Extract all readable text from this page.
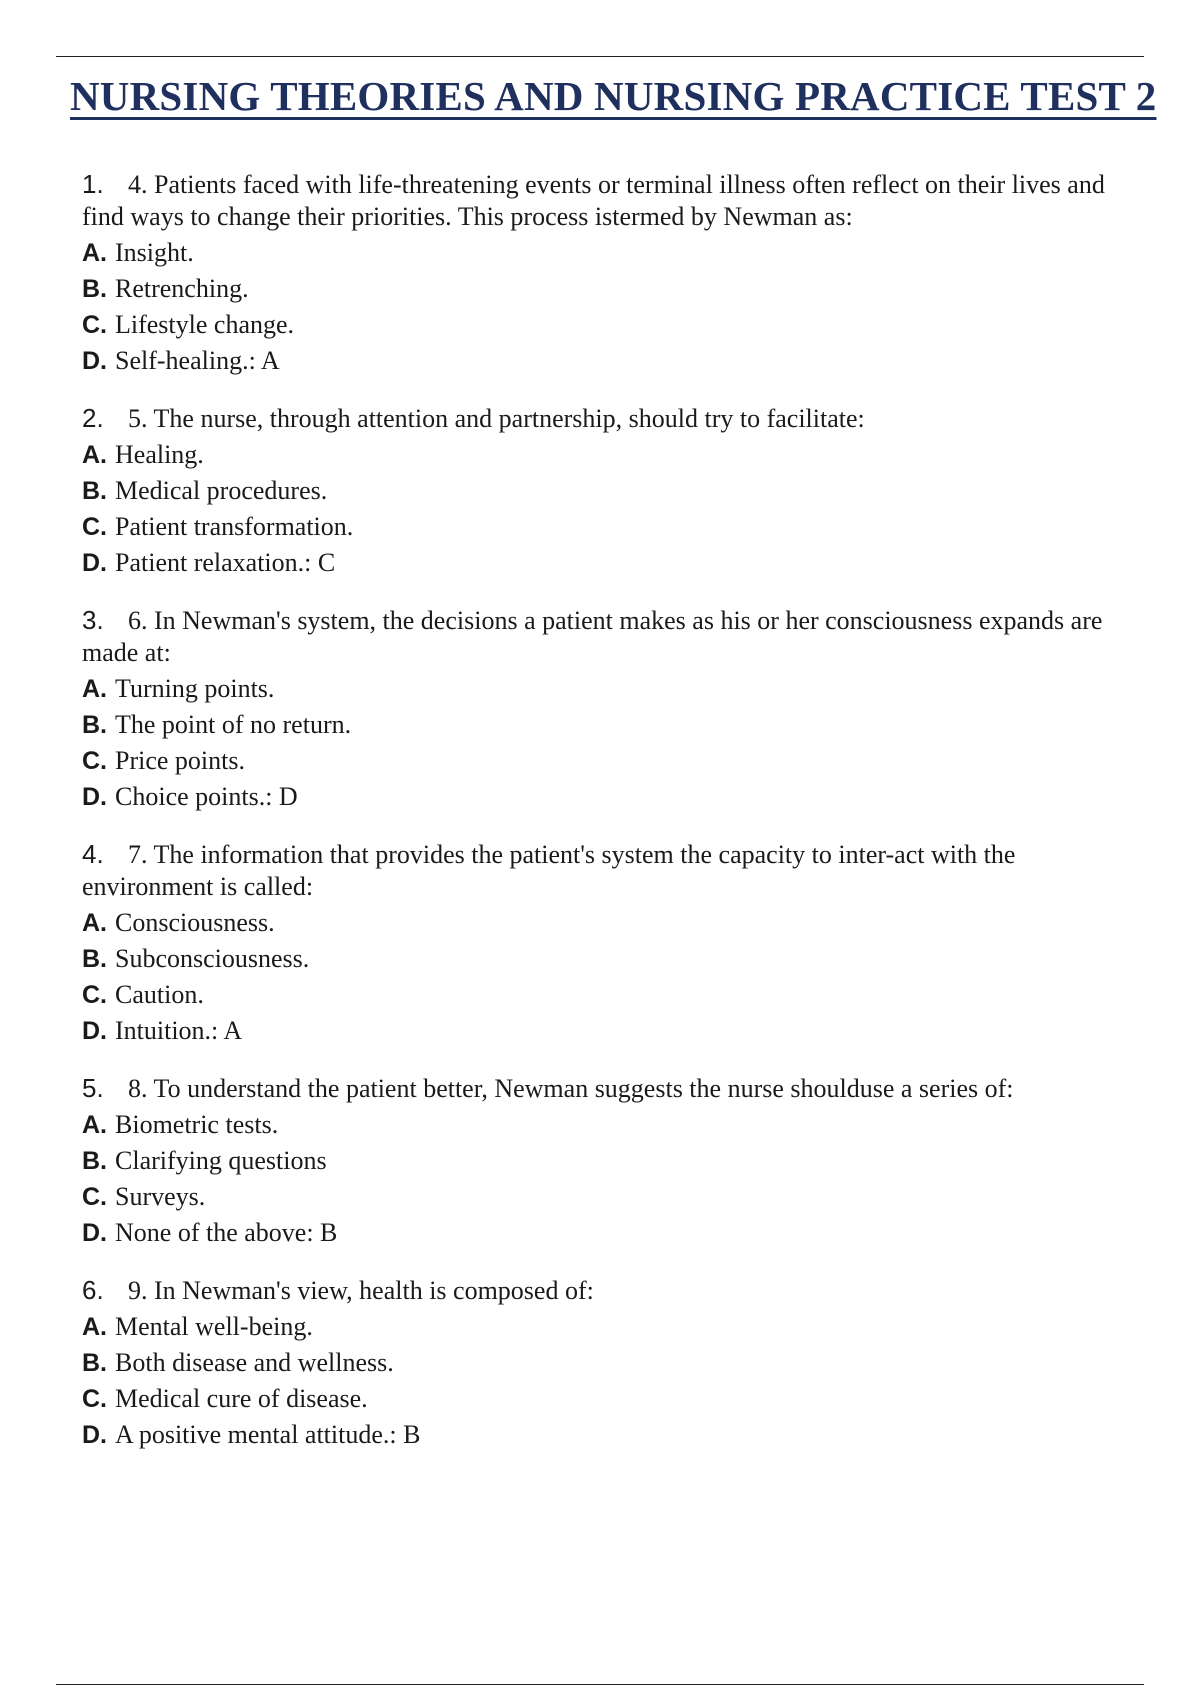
NURSING THEORIES AND NURSING PRACTICE TEST 2
1. 4. Patients faced with life-threatening events or terminal illness often reflect on their lives and find ways to change their priorities. This process istermed by Newman as:
A. Insight.
B. Retrenching.
C. Lifestyle change.
D. Self-healing.: A
2. 5. The nurse, through attention and partnership, should try to facilitate:
A. Healing.
B. Medical procedures.
C. Patient transformation.
D. Patient relaxation.: C
3. 6. In Newman's system, the decisions a patient makes as his or her consciousness expands are made at:
A. Turning points.
B. The point of no return.
C. Price points.
D. Choice points.: D
4. 7. The information that provides the patient's system the capacity to inter-act with the environment is called:
A. Consciousness.
B. Subconsciousness.
C. Caution.
D. Intuition.: A
5. 8. To understand the patient better, Newman suggests the nurse shoulduse a series of:
A. Biometric tests.
B. Clarifying questions
C. Surveys.
D. None of the above: B
6. 9. In Newman's view, health is composed of:
A. Mental well-being.
B. Both disease and wellness.
C. Medical cure of disease.
D. A positive mental attitude.: B
